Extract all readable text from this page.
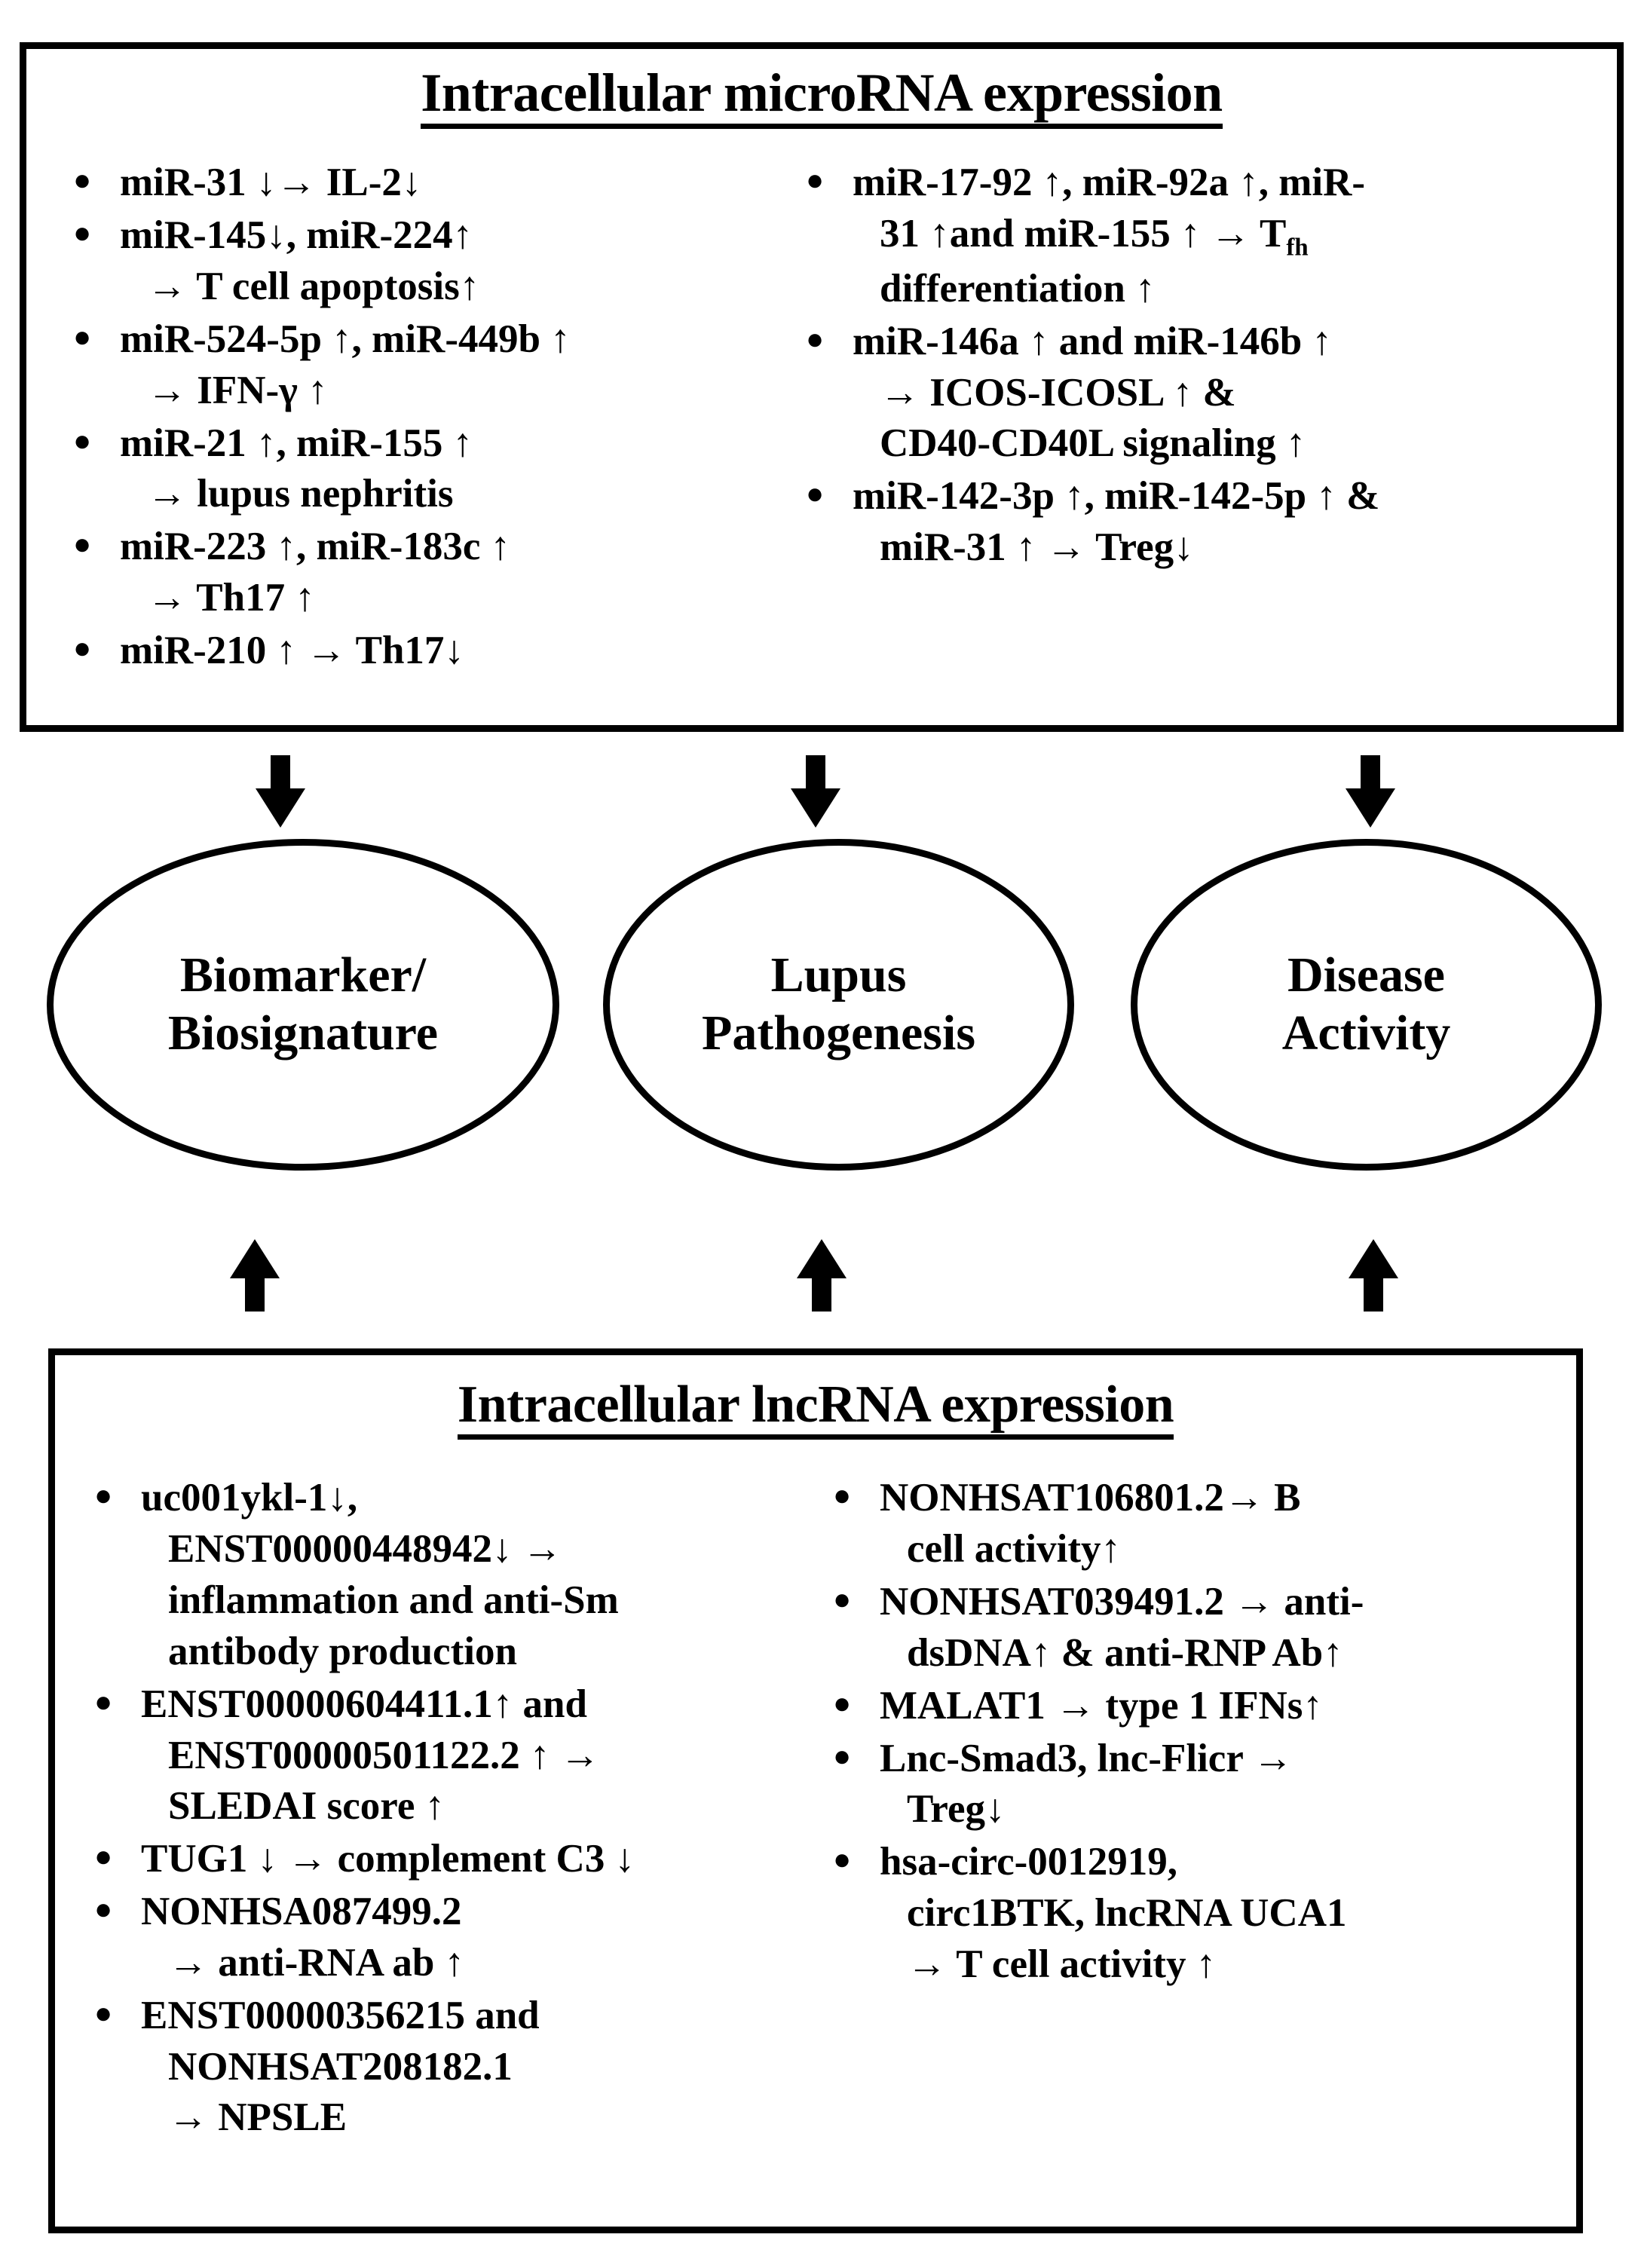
Intracellular microRNA expression
● miR-31 ↓→ IL-2↓
● miR-145↓, miR-224↑
→ T cell apoptosis↑
● miR-524-5p ↑, miR-449b ↑
→ IFN-γ ↑
● miR-21 ↑, miR-155 ↑
→ lupus nephritis
● miR-223 ↑, miR-183c ↑
→ Th17 ↑
● miR-210 ↑ → Th17↓
● miR-17-92 ↑, miR-92a ↑, miR-
31 ↑and miR-155 ↑ → $T_{fh}$
differentiation ↑
● miR-146a ↑ and miR-146b ↑
→ ICOS-ICOSL ↑ &
CD40-CD40L signaling ↑
● miR-142-3p ↑, miR-142-5p ↑ &
miR-31 ↑ → Treg↓
Biomarker/
Biosignature
Lupus
Pathogenesis
Disease
Activity
Intracellular lncRNA expression
● uc001ykl-1↓,
ENST00000448942↓ →
inflammation and anti-Sm
antibody production
● ENST00000604411.1↑ and
ENST00000501122.2 ↑ →
SLEDAI score ↑
● TUG1 ↓ → complement C3 ↓
● NONHSA087499.2
→ anti-RNA ab ↑
● ENST00000356215 and
NONHSAT208182.1
→ NPSLE
● NONHSAT106801.2→ B
cell activity↑
● NONHSAT039491.2 → anti-
dsDNA↑ & anti-RNP Ab↑
● MALAT1 → type 1 IFNs↑
● Lnc-Smad3, lnc-Flicr →
Treg↓
● hsa-circ-0012919,
circ1BTK, lncRNA UCA1
→ T cell activity ↑
